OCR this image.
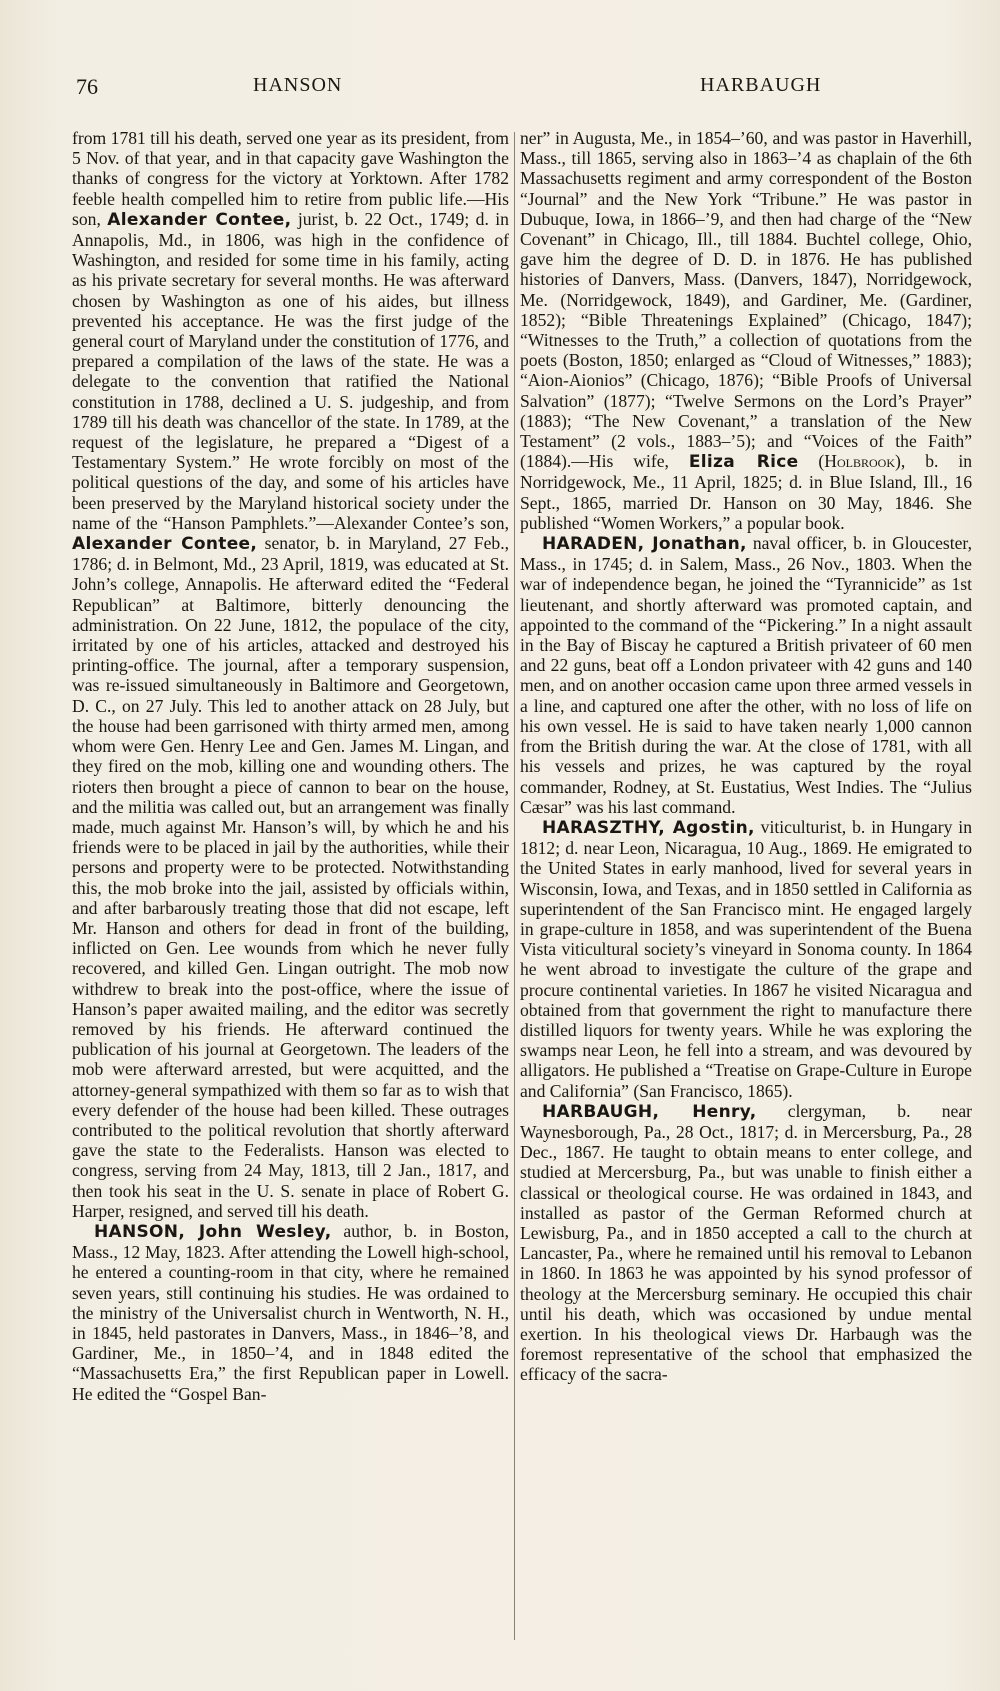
76	HANSON	HARBAUGH

from 1781 till his death, served one year as its president, from 5 Nov. of that year, and in that capacity gave Washington the thanks of congress for the victory at Yorktown. After 1782 feeble health compelled him to retire from public life.—His son, Alexander Contee, jurist, b. 22 Oct., 1749; d. in Annapolis, Md., in 1806, was high in the confidence of Washington, and resided for some time in his family, acting as his private secretary for several months. He was afterward chosen by Washington as one of his aides, but illness prevented his acceptance. He was the first judge of the general court of Maryland under the constitution of 1776, and prepared a compilation of the laws of the state. He was a delegate to the convention that ratified the National constitution in 1788, declined a U. S. judgeship, and from 1789 till his death was chancellor of the state. In 1789, at the request of the legislature, he prepared a “Digest of a Testamentary System.” He wrote forcibly on most of the political questions of the day, and some of his articles have been preserved by the Maryland historical society under the name of the “Hanson Pamphlets.”—Alexander Contee’s son, Alexander Contee, senator, b. in Maryland, 27 Feb., 1786; d. in Belmont, Md., 23 April, 1819, was educated at St. John’s college, Annapolis. He afterward edited the “Federal Republican” at Baltimore, bitterly denouncing the administration. On 22 June, 1812, the populace of the city, irritated by one of his articles, attacked and destroyed his printing-office. The journal, after a temporary suspension, was re-issued simultaneously in Baltimore and Georgetown, D. C., on 27 July. This led to another attack on 28 July, but the house had been garrisoned with thirty armed men, among whom were Gen. Henry Lee and Gen. James M. Lingan, and they fired on the mob, killing one and wounding others. The rioters then brought a piece of cannon to bear on the house, and the militia was called out, but an arrangement was finally made, much against Mr. Hanson’s will, by which he and his friends were to be placed in jail by the authorities, while their persons and property were to be protected. Notwithstanding this, the mob broke into the jail, assisted by officials within, and after barbarously treating those that did not escape, left Mr. Hanson and others for dead in front of the building, inflicted on Gen. Lee wounds from which he never fully recovered, and killed Gen. Lingan outright. The mob now withdrew to break into the post-office, where the issue of Hanson’s paper awaited mailing, and the editor was secretly removed by his friends. He afterward continued the publication of his journal at Georgetown. The leaders of the mob were afterward arrested, but were acquitted, and the attorney-general sympathized with them so far as to wish that every defender of the house had been killed. These outrages contributed to the political revolution that shortly afterward gave the state to the Federalists. Hanson was elected to congress, serving from 24 May, 1813, till 2 Jan., 1817, and then took his seat in the U. S. senate in place of Robert G. Harper, resigned, and served till his death.

HANSON, John Wesley, author, b. in Boston, Mass., 12 May, 1823. After attending the Lowell high-school, he entered a counting-room in that city, where he remained seven years, still continuing his studies. He was ordained to the ministry of the Universalist church in Wentworth, N. H., in 1845, held pastorates in Danvers, Mass., in 1846–’8, and Gardiner, Me., in 1850–’4, and in 1848 edited the “Massachusetts Era,” the first Republican paper in Lowell. He edited the “Gospel Ban-

ner” in Augusta, Me., in 1854–’60, and was pastor in Haverhill, Mass., till 1865, serving also in 1863–’4 as chaplain of the 6th Massachusetts regiment and army correspondent of the Boston “Journal” and the New York “Tribune.” He was pastor in Dubuque, Iowa, in 1866–’9, and then had charge of the “New Covenant” in Chicago, Ill., till 1884. Buchtel college, Ohio, gave him the degree of D. D. in 1876. He has published histories of Danvers, Mass. (Danvers, 1847), Norridgewock, Me. (Norridgewock, 1849), and Gardiner, Me. (Gardiner, 1852); “Bible Threatenings Explained” (Chicago, 1847); “Witnesses to the Truth,” a collection of quotations from the poets (Boston, 1850; enlarged as “Cloud of Witnesses,” 1883); “Aion-Aionios” (Chicago, 1876); “Bible Proofs of Universal Salvation” (1877); “Twelve Sermons on the Lord’s Prayer” (1883); “The New Covenant,” a translation of the New Testament” (2 vols., 1883–’5); and “Voices of the Faith” (1884).—His wife, Eliza Rice (Holbrook), b. in Norridgewock, Me., 11 April, 1825; d. in Blue Island, Ill., 16 Sept., 1865, married Dr. Hanson on 30 May, 1846. She published “Women Workers,” a popular book.

HARADEN, Jonathan, naval officer, b. in Gloucester, Mass., in 1745; d. in Salem, Mass., 26 Nov., 1803. When the war of independence began, he joined the “Tyrannicide” as 1st lieutenant, and shortly afterward was promoted captain, and appointed to the command of the “Pickering.” In a night assault in the Bay of Biscay he captured a British privateer of 60 men and 22 guns, beat off a London privateer with 42 guns and 140 men, and on another occasion came upon three armed vessels in a line, and captured one after the other, with no loss of life on his own vessel. He is said to have taken nearly 1,000 cannon from the British during the war. At the close of 1781, with all his vessels and prizes, he was captured by the royal commander, Rodney, at St. Eustatius, West Indies. The “Julius Cæsar” was his last command.

HARASZTHY, Agostin, viticulturist, b. in Hungary in 1812; d. near Leon, Nicaragua, 10 Aug., 1869. He emigrated to the United States in early manhood, lived for several years in Wisconsin, Iowa, and Texas, and in 1850 settled in California as superintendent of the San Francisco mint. He engaged largely in grape-culture in 1858, and was superintendent of the Buena Vista viticultural society’s vineyard in Sonoma county. In 1864 he went abroad to investigate the culture of the grape and procure continental varieties. In 1867 he visited Nicaragua and obtained from that government the right to manufacture there distilled liquors for twenty years. While he was exploring the swamps near Leon, he fell into a stream, and was devoured by alligators. He published a “Treatise on Grape-Culture in Europe and California” (San Francisco, 1865).

HARBAUGH, Henry, clergyman, b. near Waynesborough, Pa., 28 Oct., 1817; d. in Mercersburg, Pa., 28 Dec., 1867. He taught to obtain means to enter college, and studied at Mercersburg, Pa., but was unable to finish either a classical or theological course. He was ordained in 1843, and installed as pastor of the German Reformed church at Lewisburg, Pa., and in 1850 accepted a call to the church at Lancaster, Pa., where he remained until his removal to Lebanon in 1860. In 1863 he was appointed by his synod professor of theology at the Mercersburg seminary. He occupied this chair until his death, which was occasioned by undue mental exertion. In his theological views Dr. Harbaugh was the foremost representative of the school that emphasized the efficacy of the sacra-
